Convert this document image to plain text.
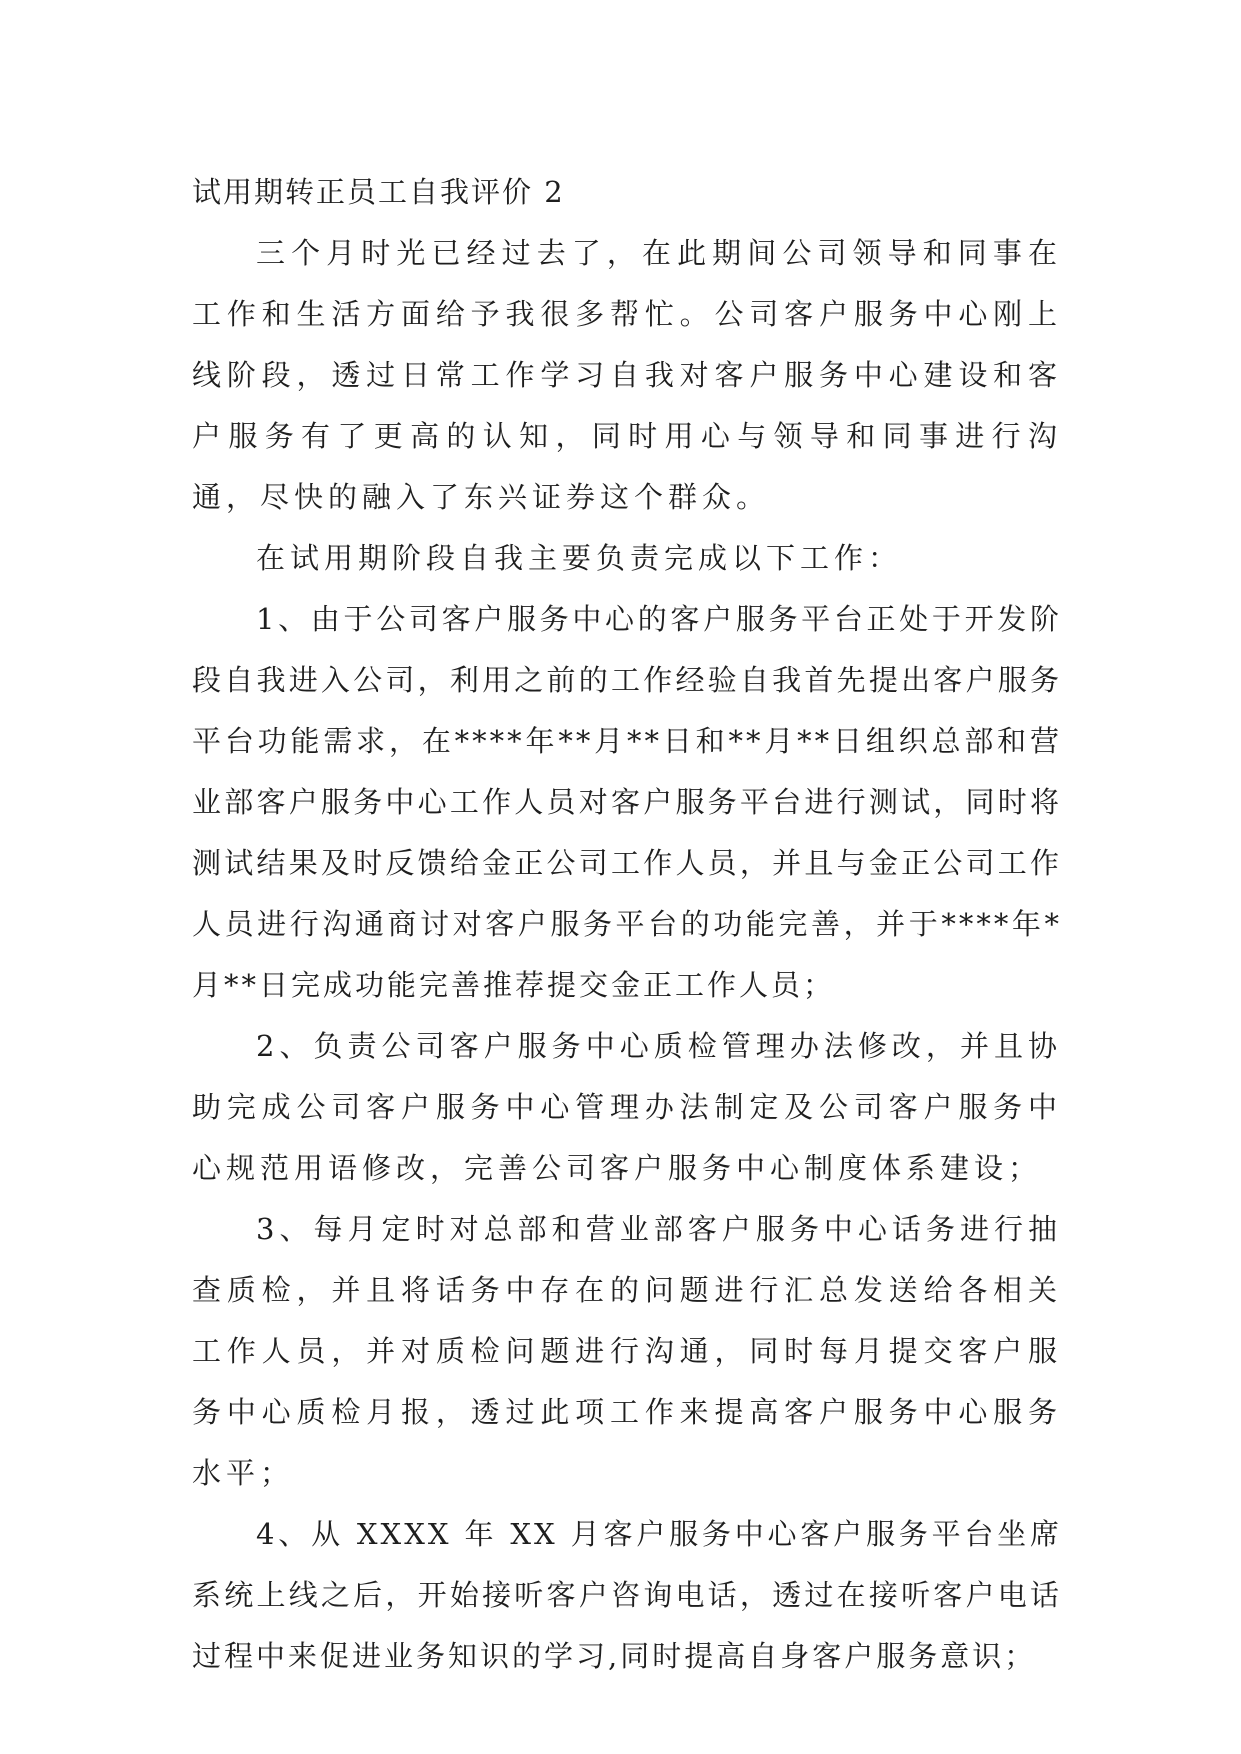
试用期转正员工自我评价 2

三个月时光已经过去了，在此期间公司领导和同事在工作和生活方面给予我很多帮忙。公司客户服务中心刚上线阶段，透过日常工作学习自我对客户服务中心建设和客户服务有了更高的认知，同时用心与领导和同事进行沟通，尽快的融入了东兴证券这个群众。

在试用期阶段自我主要负责完成以下工作：

1、由于公司客户服务中心的客户服务平台正处于开发阶段自我进入公司，利用之前的工作经验自我首先提出客户服务平台功能需求，在****年**月**日和**月**日组织总部和营业部客户服务中心工作人员对客户服务平台进行测试，同时将测试结果及时反馈给金正公司工作人员，并且与金正公司工作人员进行沟通商讨对客户服务平台的功能完善，并于****年*月**日完成功能完善推荐提交金正工作人员；

2、负责公司客户服务中心质检管理办法修改，并且协助完成公司客户服务中心管理办法制定及公司客户服务中心规范用语修改，完善公司客户服务中心制度体系建设；

3、每月定时对总部和营业部客户服务中心话务进行抽查质检，并且将话务中存在的问题进行汇总发送给各相关工作人员，并对质检问题进行沟通，同时每月提交客户服务中心质检月报，透过此项工作来提高客户服务中心服务水平；

4、从 XXXX 年 XX 月客户服务中心客户服务平台坐席系统上线之后，开始接听客户咨询电话，透过在接听客户电话过程中来促进业务知识的学习,同时提高自身客户服务意识；
